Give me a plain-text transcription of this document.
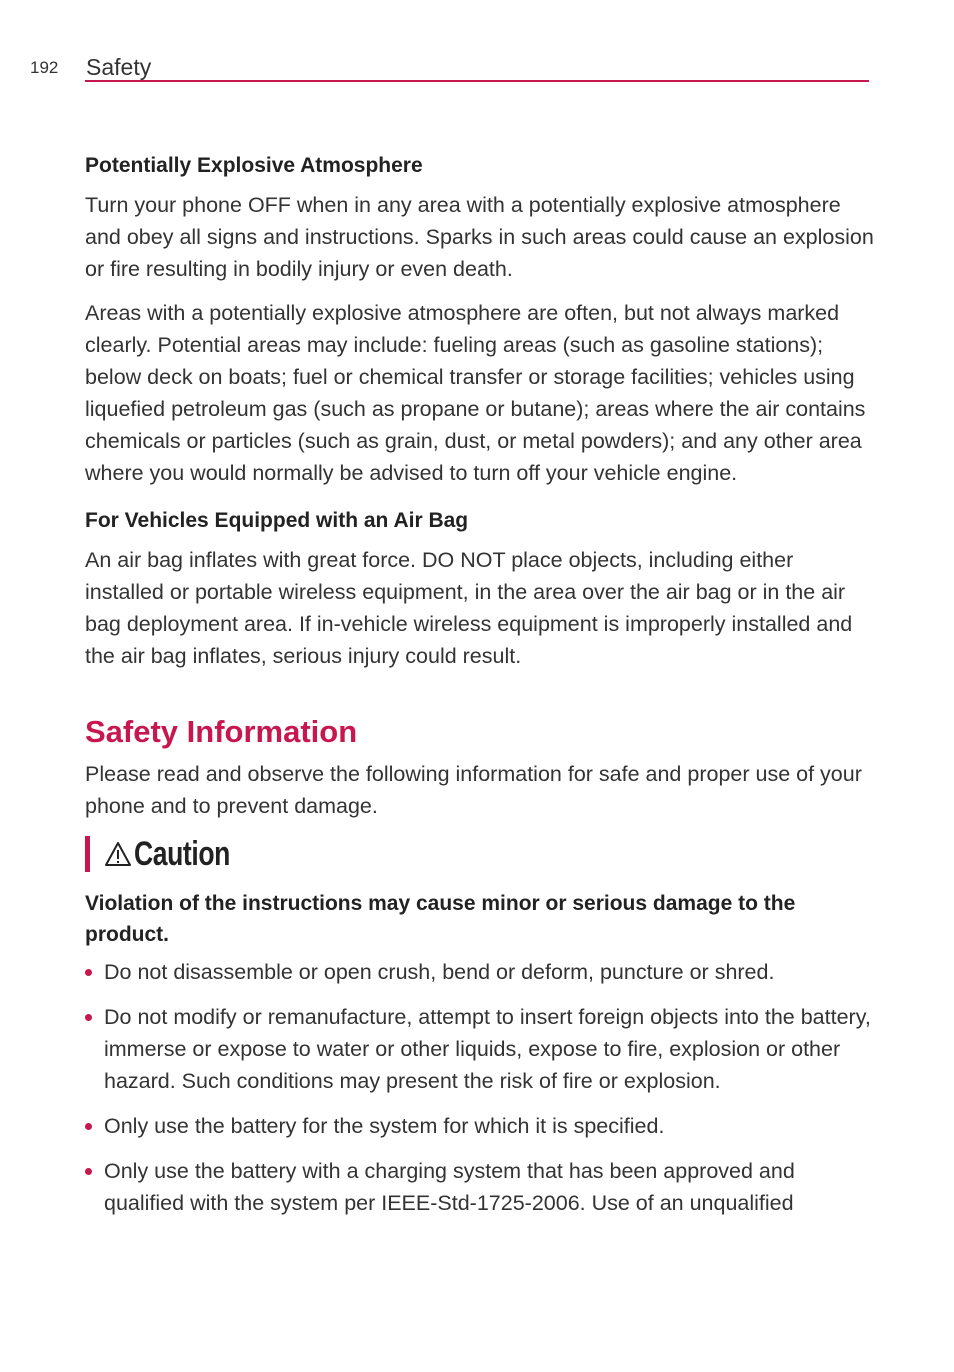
192 Safety
Potentially Explosive Atmosphere

Turn your phone OFF when in any area with a potentially explosive atmosphere and obey all signs and instructions. Sparks in such areas could cause an explosion or fire resulting in bodily injury or even death.

Areas with a potentially explosive atmosphere are often, but not always marked clearly. Potential areas may include: fueling areas (such as gasoline stations); below deck on boats; fuel or chemical transfer or storage facilities; vehicles using liquefied petroleum gas (such as propane or butane); areas where the air contains chemicals or particles (such as grain, dust, or metal powders); and any other area where you would normally be advised to turn off your vehicle engine.

For Vehicles Equipped with an Air Bag

An air bag inflates with great force. DO NOT place objects, including either installed or portable wireless equipment, in the area over the air bag or in the air bag deployment area. If in-vehicle wireless equipment is improperly installed and the air bag inflates, serious injury could result.

Safety Information

Please read and observe the following information for safe and proper use of your phone and to prevent damage.

Caution
Violation of the instructions may cause minor or serious damage to the product.
Do not disassemble or open crush, bend or deform, puncture or shred.
Do not modify or remanufacture, attempt to insert foreign objects into the battery, immerse or expose to water or other liquids, expose to fire, explosion or other hazard. Such conditions may present the risk of fire or explosion.
Only use the battery for the system for which it is specified.
Only use the battery with a charging system that has been approved and qualified with the system per IEEE-Std-1725-2006. Use of an unqualified
